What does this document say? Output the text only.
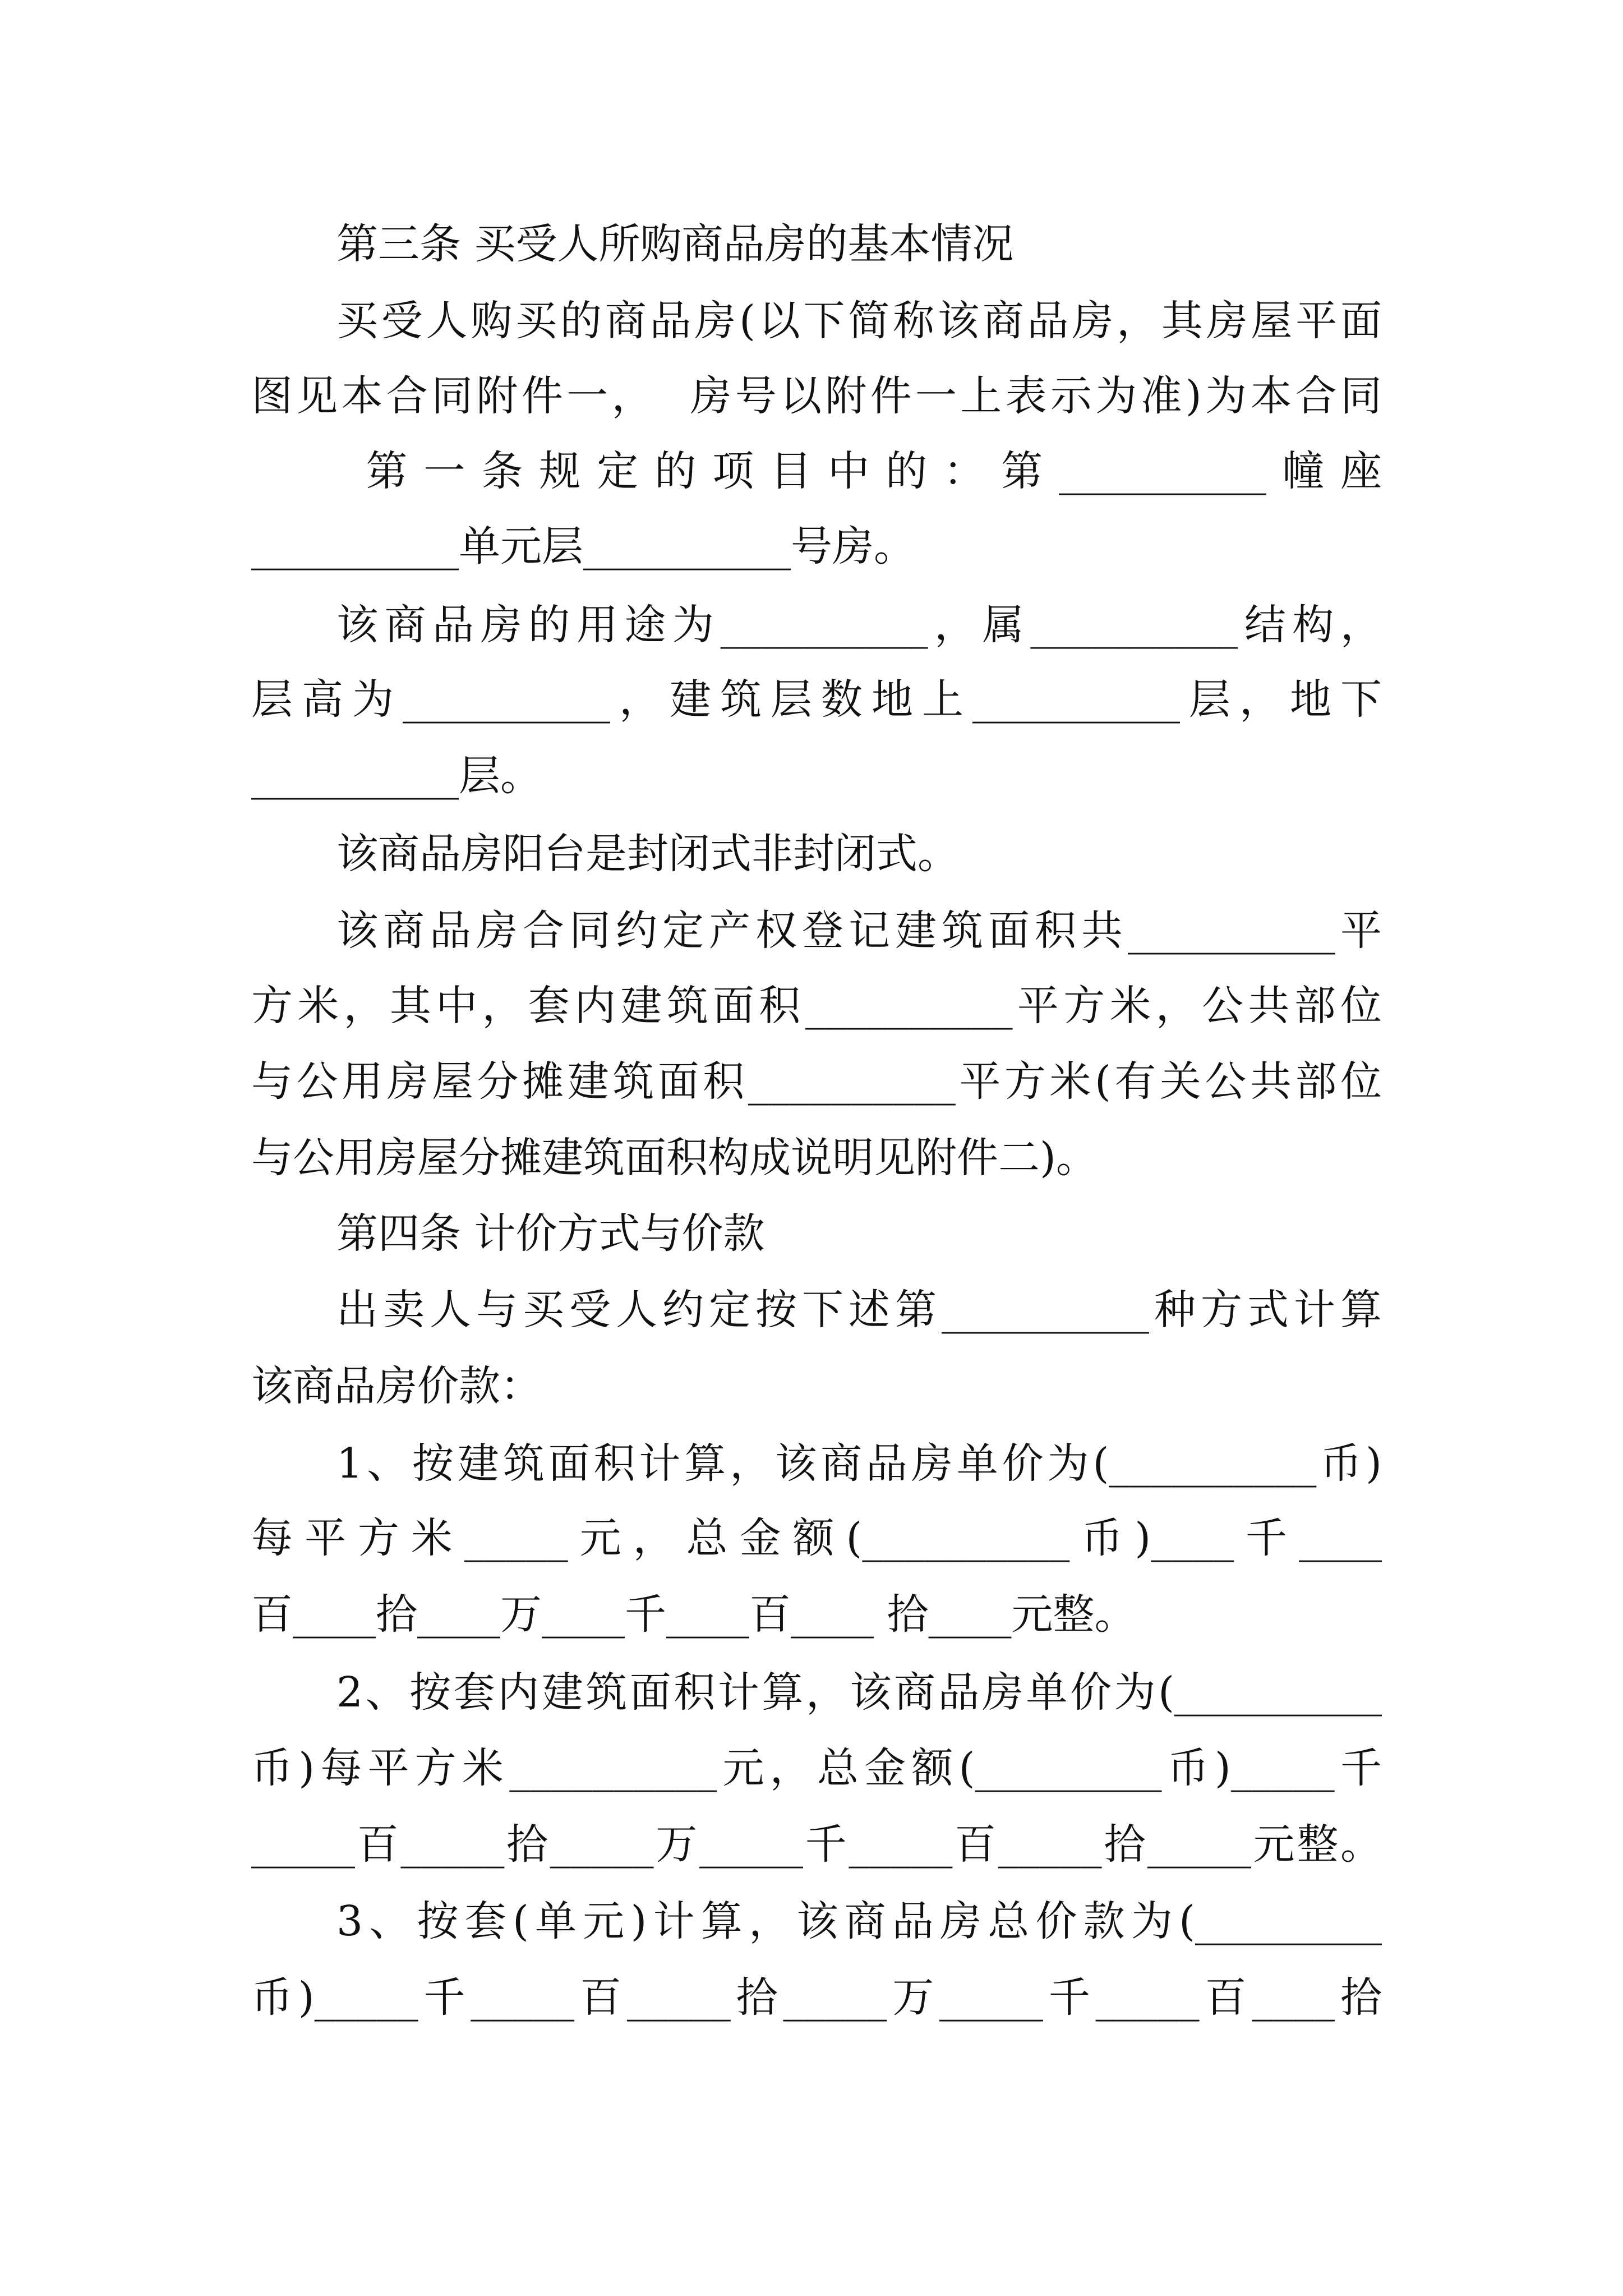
第三条 买受人所购商品房的基本情况
买受人购买的商品房(以下简称该商品房，其房屋平面
图见本合同附件一，  房号以附件一上表示为准)为本合同
第一条规定的项目中的：第__________幢座
__________单元层__________号房。
该商品房的用途为__________，属__________结构，
层高为__________，建筑层数地上__________层，地下
__________层。
该商品房阳台是封闭式非封闭式。
该商品房合同约定产权登记建筑面积共__________平
方米，其中，套内建筑面积__________平方米，公共部位
与公用房屋分摊建筑面积__________平方米(有关公共部位
与公用房屋分摊建筑面积构成说明见附件二)。
第四条 计价方式与价款
出卖人与买受人约定按下述第__________种方式计算
该商品房价款：
1、按建筑面积计算，该商品房单价为(__________币)
每平方米_____元，总金额(__________币)____千____
百____拾____万____千____百____ 拾____元整。
2、按套内建筑面积计算，该商品房单价为(__________
币)每平方米__________元，总金额(_________币)_____千
_____百_____拾_____万_____千_____百_____拾_____元整。
3、按套(单元)计算，该商品房总价款为(_________
币)_____千_____百_____拾_____万_____千_____百____拾
